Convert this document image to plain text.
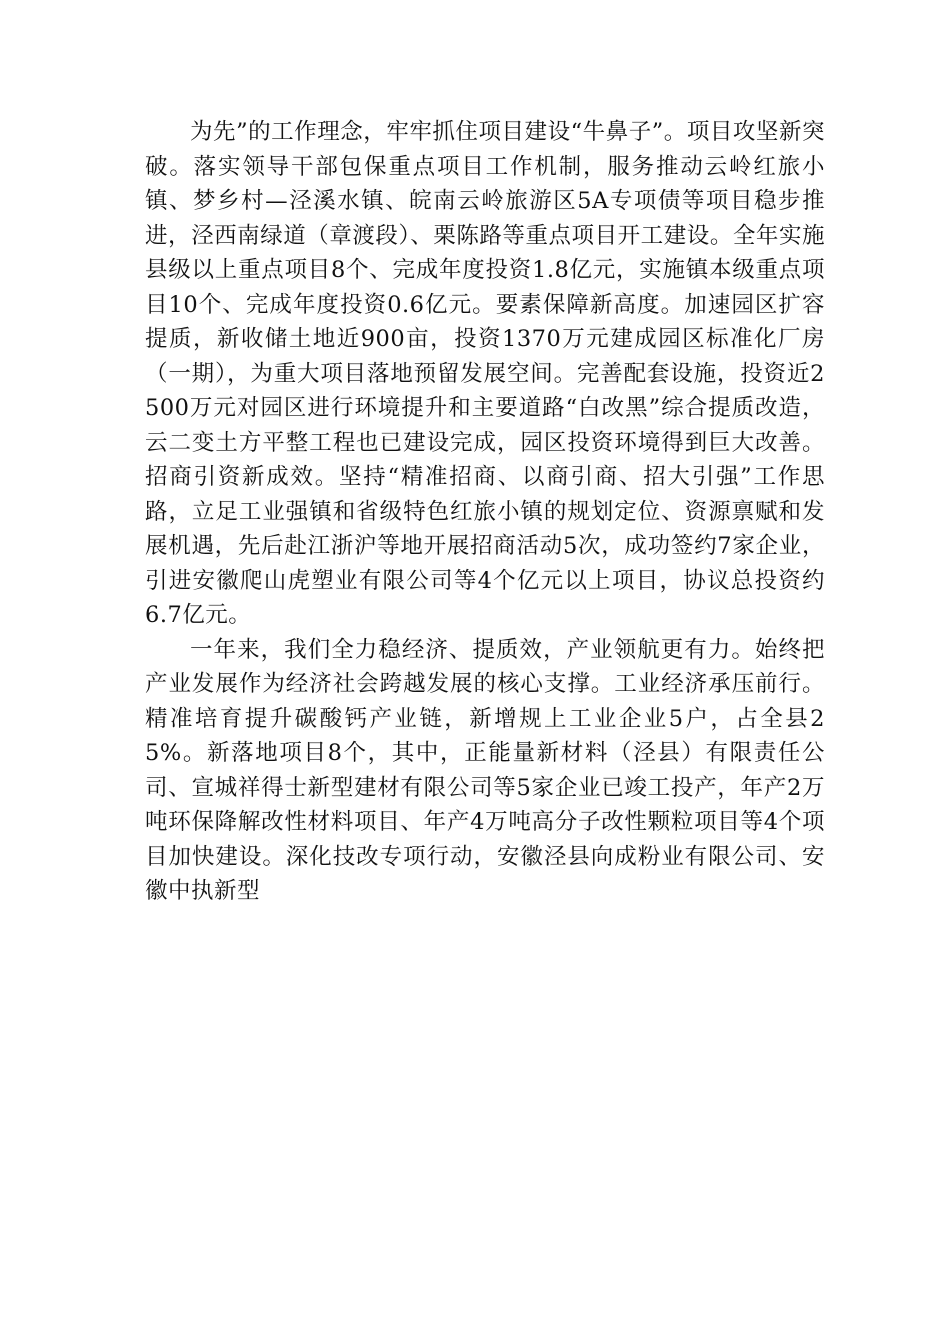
为先”的工作理念，牢牢抓住项目建设“牛鼻子”。项目攻坚新突破。落实领导干部包保重点项目工作机制，服务推动云岭红旅小镇、梦乡村—泾溪水镇、皖南云岭旅游区5A专项债等项目稳步推进，泾西南绿道（章渡段）、栗陈路等重点项目开工建设。全年实施县级以上重点项目8个、完成年度投资1.8亿元，实施镇本级重点项目10个、完成年度投资0.6亿元。要素保障新高度。加速园区扩容提质，新收储土地近900亩，投资1370万元建成园区标准化厂房（一期），为重大项目落地预留发展空间。完善配套设施，投资近2500万元对园区进行环境提升和主要道路“白改黑”综合提质改造，云二变土方平整工程也已建设完成，园区投资环境得到巨大改善。招商引资新成效。坚持“精准招商、以商引商、招大引强”工作思路，立足工业强镇和省级特色红旅小镇的规划定位、资源禀赋和发展机遇，先后赴江浙沪等地开展招商活动5次，成功签约7家企业，引进安徽爬山虎塑业有限公司等4个亿元以上项目，协议总投资约6.7亿元。

一年来，我们全力稳经济、提质效，产业领航更有力。始终把产业发展作为经济社会跨越发展的核心支撑。工业经济承压前行。精准培育提升碳酸钙产业链，新增规上工业企业5户，占全县25%。新落地项目8个，其中，正能量新材料（泾县）有限责任公司、宣城祥得士新型建材有限公司等5家企业已竣工投产，年产2万吨环保降解改性材料项目、年产4万吨高分子改性颗粒项目等4个项目加快建设。深化技改专项行动，安徽泾县向成粉业有限公司、安徽中执新型
